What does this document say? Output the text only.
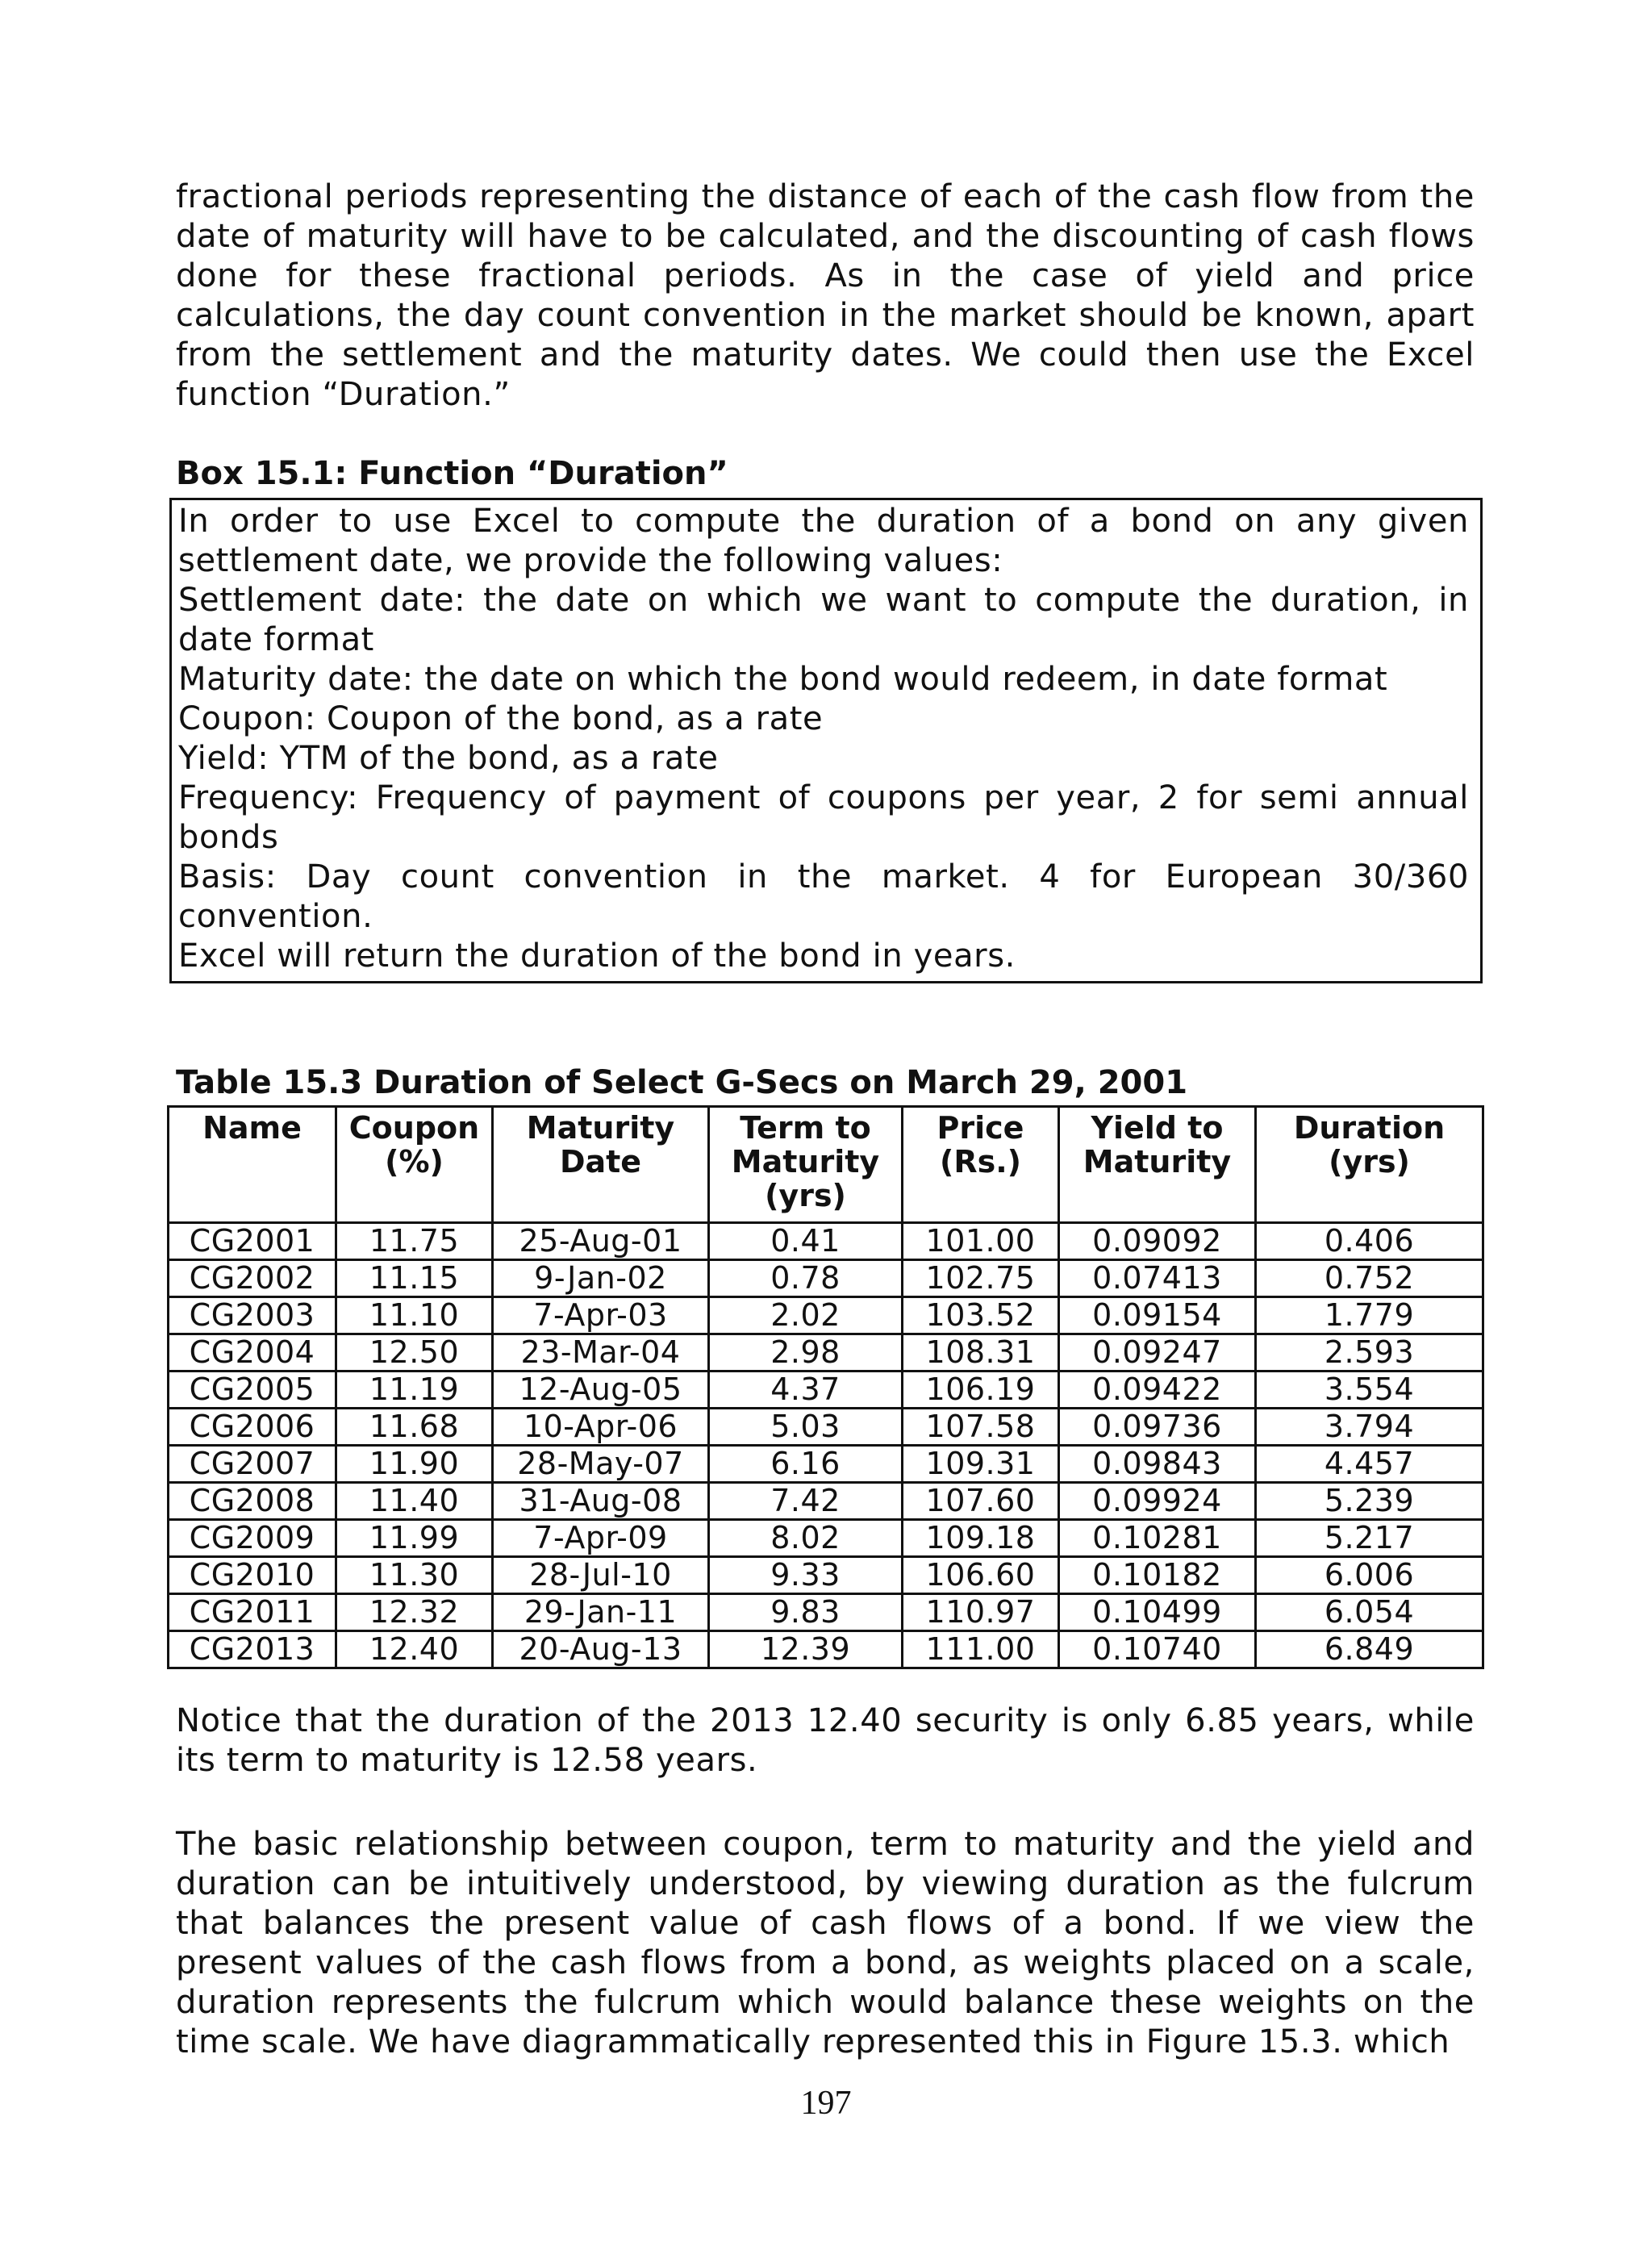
fractional periods representing the distance of each of the cash flow from the date of maturity will have to be calculated, and the discounting of cash flows done for these fractional periods. As in the case of yield and price calculations, the day count convention in the market should be known, apart from the settlement and the maturity dates. We could then use the Excel function “Duration.”

Box 15.1: Function “Duration”

In order to use Excel to compute the duration of a bond on any given settlement date, we provide the following values:

Settlement date: the date on which we want to compute the duration, in date format

Maturity date: the date on which the bond would redeem, in date format

Coupon: Coupon of the bond, as a rate

Yield: YTM of the bond, as a rate

Frequency: Frequency of payment of coupons per year, 2 for semi annual bonds

Basis: Day count convention in the market. 4 for European 30/360 convention.

Excel will return the duration of the bond in years.

Table 15.3 Duration of Select G-Secs on March 29, 2001

Name	Coupon (%)	Maturity Date	Term to Maturity (yrs)	Price (Rs.)	Yield to Maturity	Duration (yrs)
CG2001	11.75	25-Aug-01	0.41	101.00	0.09092	0.406
CG2002	11.15	9-Jan-02	0.78	102.75	0.07413	0.752
CG2003	11.10	7-Apr-03	2.02	103.52	0.09154	1.779
CG2004	12.50	23-Mar-04	2.98	108.31	0.09247	2.593
CG2005	11.19	12-Aug-05	4.37	106.19	0.09422	3.554
CG2006	11.68	10-Apr-06	5.03	107.58	0.09736	3.794
CG2007	11.90	28-May-07	6.16	109.31	0.09843	4.457
CG2008	11.40	31-Aug-08	7.42	107.60	0.09924	5.239
CG2009	11.99	7-Apr-09	8.02	109.18	0.10281	5.217
CG2010	11.30	28-Jul-10	9.33	106.60	0.10182	6.006
CG2011	12.32	29-Jan-11	9.83	110.97	0.10499	6.054
CG2013	12.40	20-Aug-13	12.39	111.00	0.10740	6.849

Notice that the duration of the 2013 12.40 security is only 6.85 years, while its term to maturity is 12.58 years.

The basic relationship between coupon, term to maturity and the yield and duration can be intuitively understood, by viewing duration as the fulcrum that balances the present value of cash flows of a bond. If we view the present values of the cash flows from a bond, as weights placed on a scale, duration represents the fulcrum which would balance these weights on the time scale. We have diagrammatically represented this in Figure 15.3. which

197
